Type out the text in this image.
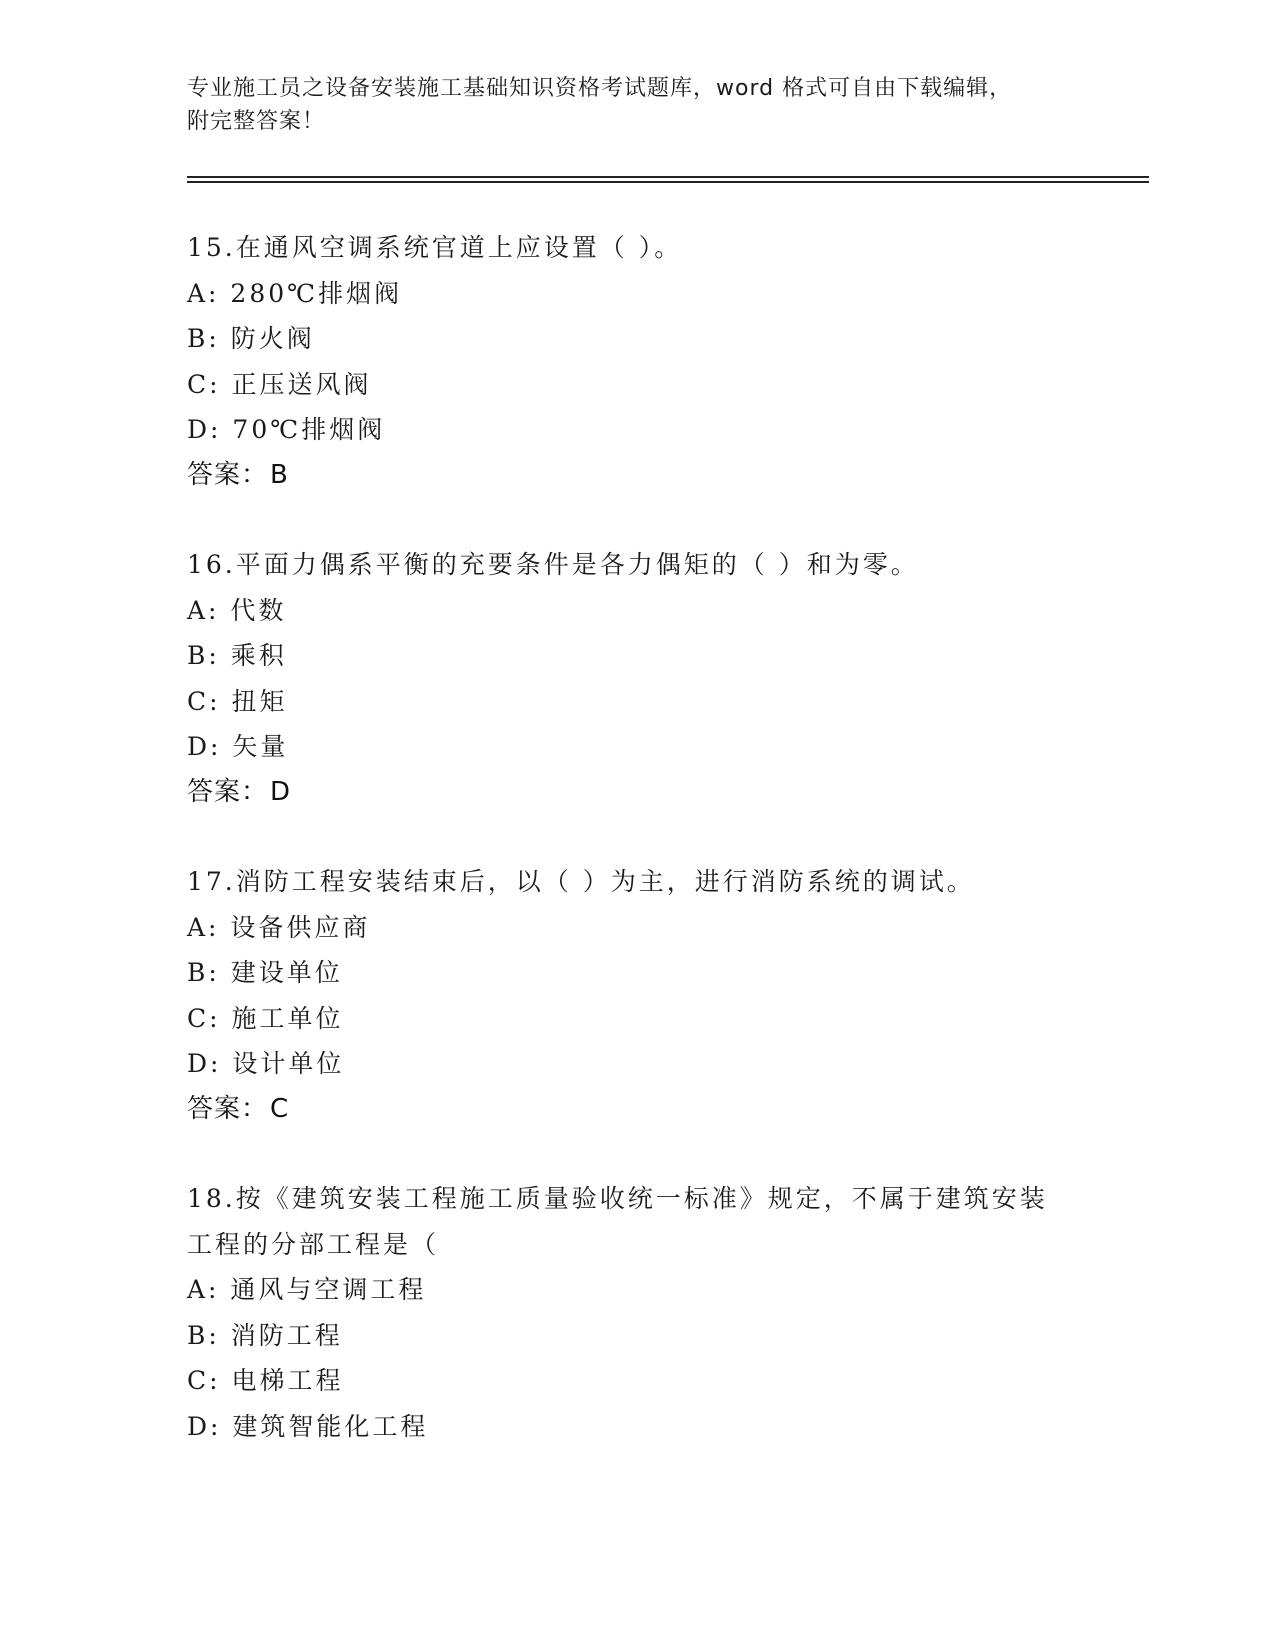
专业施工员之设备安装施工基础知识资格考试题库，word 格式可自由下载编辑，
附完整答案！
15.在通风空调系统官道上应设置（ ）。
A: 280℃排烟阀
B: 防火阀
C: 正压送风阀
D: 70℃排烟阀
答案：B
16.平面力偶系平衡的充要条件是各力偶矩的（ ）和为零。
A: 代数
B: 乘积
C: 扭矩
D: 矢量
答案：D
17.消防工程安装结束后，以（ ）为主，进行消防系统的调试。
A: 设备供应商
B: 建设单位
C: 施工单位
D: 设计单位
答案：C
18.按《建筑安装工程施工质量验收统一标准》规定，不属于建筑安装
工程的分部工程是（
A: 通风与空调工程
B: 消防工程
C: 电梯工程
D: 建筑智能化工程
